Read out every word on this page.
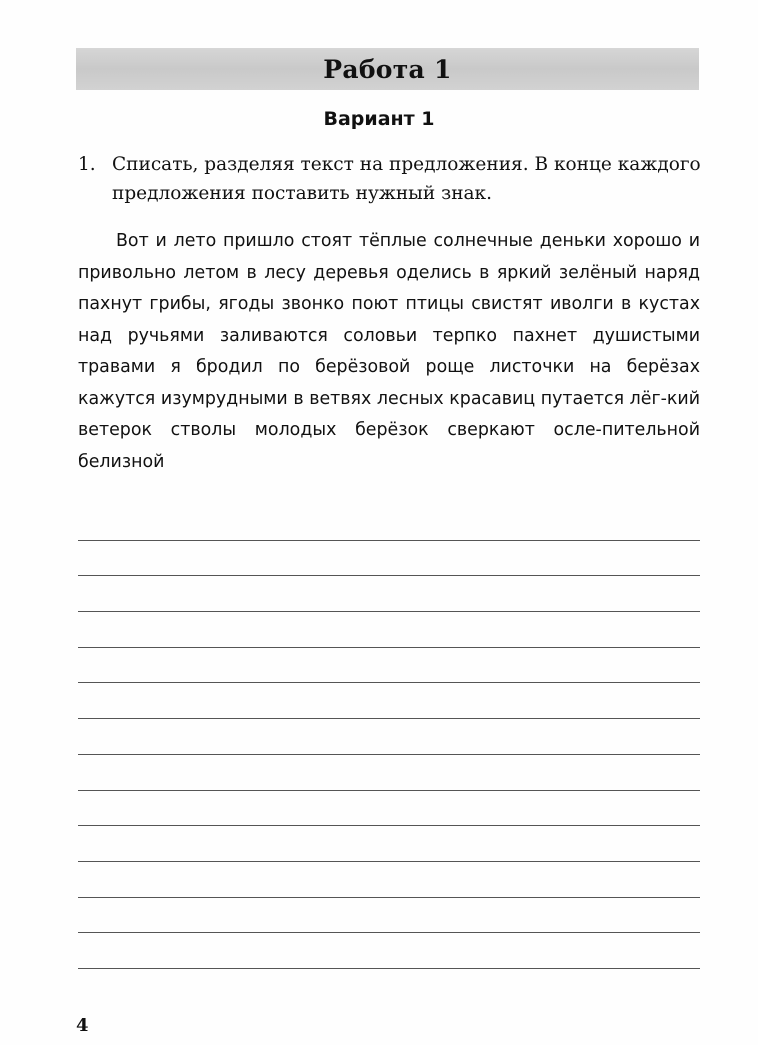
Работа 1
Вариант 1
1. Списать, разделяя текст на предложения. В конце каждого предложения поставить нужный знак.
Вот и лето пришло стоят тёплые солнечные деньки хорошо и привольно летом в лесу деревья оделись в яркий зелёный наряд пахнут грибы, ягоды звонко поют птицы свистят иволги в кустах над ручьями заливаются соловьи терпко пахнет душистыми травами я бродил по берёзовой роще листочки на берёзах кажутся изумрудными в ветвях лесных красавиц путается лёг-кий ветерок стволы молодых берёзок сверкают осле-пительной белизной
4
